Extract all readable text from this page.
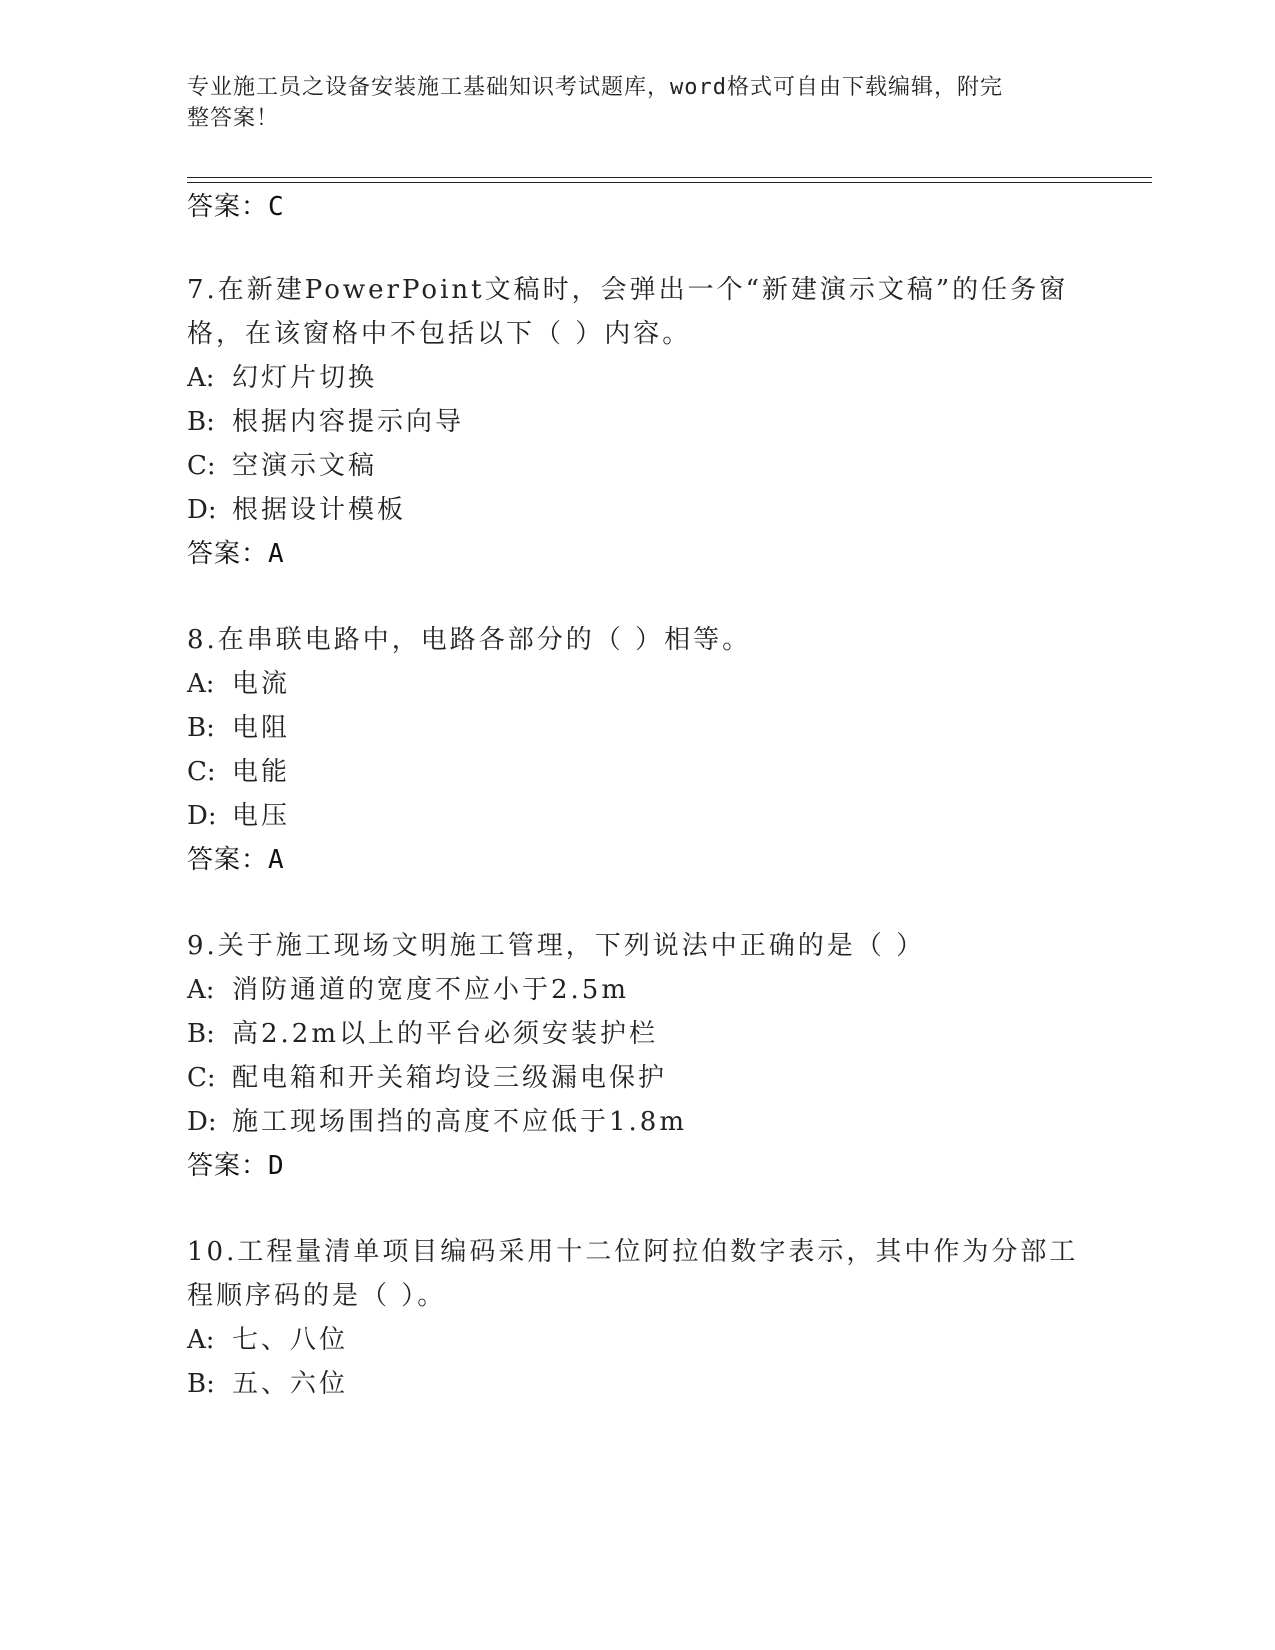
专业施工员之设备安装施工基础知识考试题库，word格式可自由下载编辑，附完
整答案！
答案：C
7.在新建PowerPoint文稿时，会弹出一个“新建演示文稿”的任务窗
格，在该窗格中不包括以下（ ）内容。
A: 幻灯片切换
B: 根据内容提示向导
C: 空演示文稿
D: 根据设计模板
答案：A
8.在串联电路中，电路各部分的（ ）相等。
A: 电流
B: 电阻
C: 电能
D: 电压
答案：A
9.关于施工现场文明施工管理，下列说法中正确的是（ ）
A: 消防通道的宽度不应小于2.5m
B: 高2.2m以上的平台必须安装护栏
C: 配电箱和开关箱均设三级漏电保护
D: 施工现场围挡的高度不应低于1.8m
答案：D
10.工程量清单项目编码采用十二位阿拉伯数字表示，其中作为分部工
程顺序码的是（ ）。
A: 七、八位
B: 五、六位
